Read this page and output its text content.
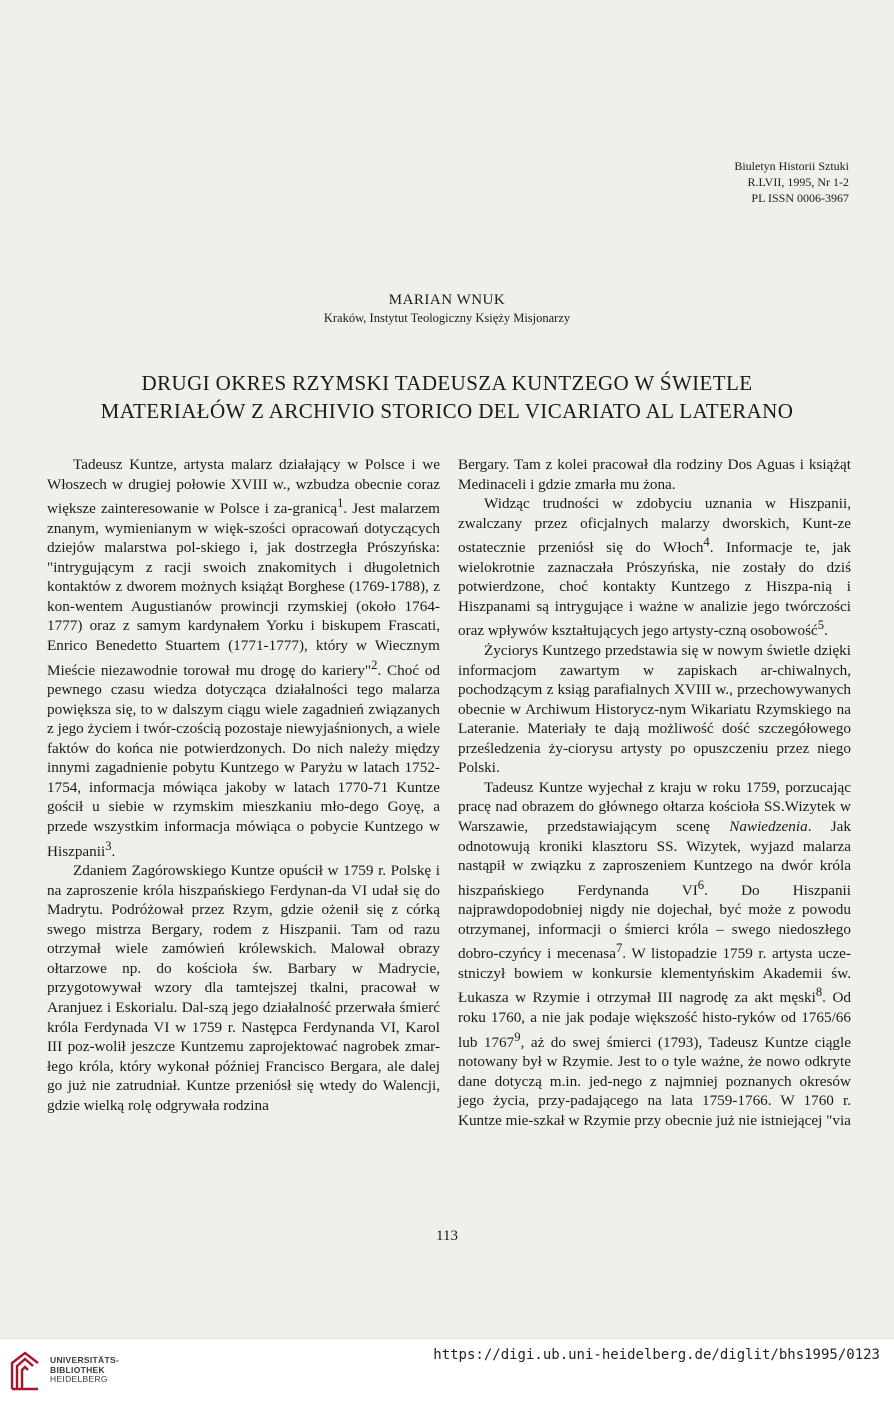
Biuletyn Historii Sztuki
R.LVII, 1995, Nr 1-2
PL ISSN 0006-3967
MARIAN WNUK
Kraków, Instytut Teologiczny Księży Misjonarzy
DRUGI OKRES RZYMSKI TADEUSZA KUNTZEGO W ŚWIETLE
MATERIAŁÓW Z ARCHIVIO STORICO DEL VICARIATO AL LATERANO

Tadeusz Kuntze, artysta malarz działający w Polsce i we Włoszech w drugiej połowie XVIII w., wzbudza obecnie coraz większe zainteresowanie w Polsce i za-granicą$^1$. Jest malarzem znanym, wymienianym w więk-szości opracowań dotyczących dziejów malarstwa pol-skiego i, jak dostrzegła Prószyńska: "intrygującym z racji swoich znakomitych i długoletnich kontaktów z dworem możnych książąt Borghese (1769-1788), z kon-wentem Augustianów prowincji rzymskiej (około 1764-1777) oraz z samym kardynałem Yorku i biskupem Frascati, Enrico Benedetto Stuartem (1771-1777), który w Wiecznym Mieście niezawodnie torował mu drogę do kariery"$^2$. Choć od pewnego czasu wiedza dotycząca działalności tego malarza powiększa się, to w dalszym ciągu wiele zagadnień związanych z jego życiem i twór-czością pozostaje niewyjaśnionych, a wiele faktów do końca nie potwierdzonych. Do nich należy między innymi zagadnienie pobytu Kuntzego w Paryżu w latach 1752-1754, informacja mówiąca jakoby w latach 1770-71 Kuntze gościł u siebie w rzymskim mieszkaniu mło-dego Goyę, a przede wszystkim informacja mówiąca o pobycie Kuntzego w Hiszpanii$^3$.

Zdaniem Zagórowskiego Kuntze opuścił w 1759 r. Polskę i na zaproszenie króla hiszpańskiego Ferdynan-da VI udał się do Madrytu. Podróżował przez Rzym, gdzie ożenił się z córką swego mistrza Bergary, rodem z Hiszpanii. Tam od razu otrzymał wiele zamówień królewskich. Malował obrazy ołtarzowe np. do kościoła św. Barbary w Madrycie, przygotowywał wzory dla tamtejszej tkalni, pracował w Aranjuez i Eskorialu. Dal-szą jego działalność przerwała śmierć króla Ferdynada VI w 1759 r. Następca Ferdynanda VI, Karol III poz-wolił jeszcze Kuntzemu zaprojektować nagrobek zmar-łego króla, który wykonał później Francisco Bergara, ale dalej go już nie zatrudniał. Kuntze przeniósł się wtedy do Walencji, gdzie wielką rolę odgrywała rodzina

Bergary. Tam z kolei pracował dla rodziny Dos Aguas i książąt Medinaceli i gdzie zmarła mu żona.

Widząc trudności w zdobyciu uznania w Hiszpanii, zwalczany przez oficjalnych malarzy dworskich, Kunt-ze ostatecznie przeniósł się do Włoch$^4$. Informacje te, jak wielokrotnie zaznaczała Prószyńska, nie zostały do dziś potwierdzone, choć kontakty Kuntzego z Hiszpa-nią i Hiszpanami są intrygujące i ważne w analizie jego twórczości oraz wpływów kształtujących jego artysty-czną osobowość$^5$.

Życiorys Kuntzego przedstawia się w nowym świetle dzięki informacjom zawartym w zapiskach ar-chiwalnych, pochodzącym z ksiąg parafialnych XVIII w., przechowywanych obecnie w Archiwum Historycz-nym Wikariatu Rzymskiego na Lateranie. Materiały te dają możliwość dość szczegółowego prześledzenia ży-ciorysu artysty po opuszczeniu przez niego Polski.

Tadeusz Kuntze wyjechał z kraju w roku 1759, porzucając pracę nad obrazem do głównego ołtarza kościoła SS.Wizytek w Warszawie, przedstawiającym scenę Nawiedzenia. Jak odnotowują kroniki klasztoru SS. Wizytek, wyjazd malarza nastąpił w związku z zaproszeniem Kuntzego na dwór króla hiszpańskiego Ferdynanda $VI^6$. Do Hiszpanii najprawdopodobniej nigdy nie dojechał, być może z powodu otrzymanej, informacji o śmierci króla – swego niedoszłego dobro-czyńcy i mecenasa$^7$. W listopadzie 1759 r. artysta ucze-stniczył bowiem w konkursie klementyńskim Akademii św. Łukasza w Rzymie i otrzymał III nagrodę za akt męski$^8$. Od roku 1760, a nie jak podaje większość histo-ryków od 1765/66 lub 1767$^9$, aż do swej śmierci (1793), Tadeusz Kuntze ciągle notowany był w Rzymie. Jest to o tyle ważne, że nowo odkryte dane dotyczą m.in. jed-nego z najmniej poznanych okresów jego życia, przy-padającego na lata 1759-1766. W 1760 r. Kuntze mie-szkał w Rzymie przy obecnie już nie istniejącej "via

113
UNIVERSITÄTS-
BIBLIOTHEK
HEIDELBERG
https://digi.ub.uni-heidelberg.de/diglit/bhs1995/0123
